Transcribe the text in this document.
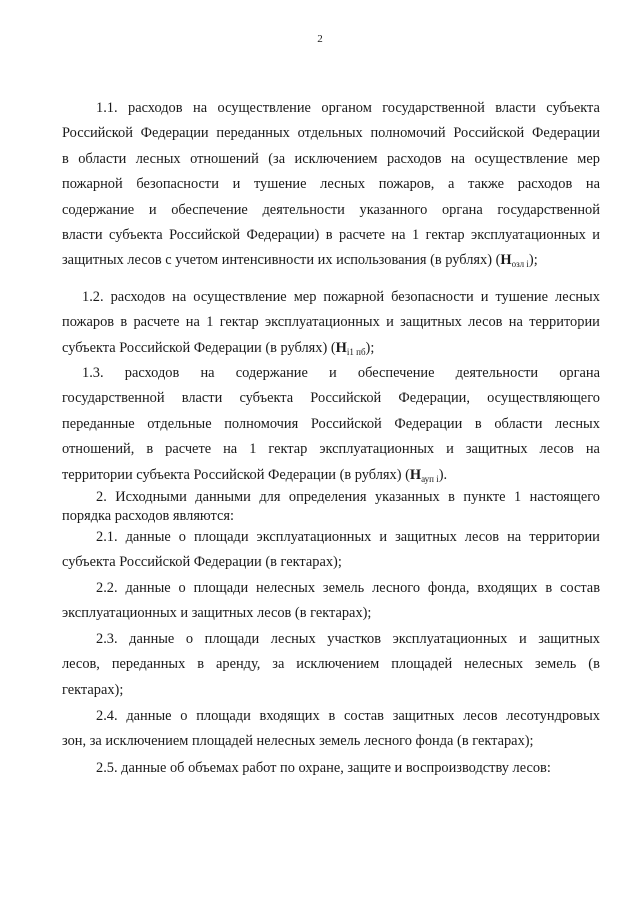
2
1.1. расходов на осуществление органом государственной власти субъекта
Российской Федерации переданных отдельных полномочий Российской Федерации
в области лесных отношений (за исключением расходов на осуществление мер
пожарной безопасности и тушение лесных пожаров, а также расходов на
содержание и обеспечение деятельности указанного органа государственной
власти субъекта Российской Федерации) в расчете на 1 гектар эксплуатационных и
защитных лесов с учетом интенсивности их использования (в рублях) ( $Н_{озл i}$ );
1.2. расходов на осуществление мер пожарной безопасности и тушение лесных
пожаров в расчете на 1 гектар эксплуатационных и защитных лесов на территории
субъекта Российской Федерации (в рублях) ( $Н_{i1 пб}$ );
1.3. расходов на содержание и обеспечение деятельности органа
государственной власти субъекта Российской Федерации, осуществляющего
переданные отдельные полномочия Российской Федерации в области лесных
отношений, в расчете на 1 гектар эксплуатационных и защитных лесов на
территории субъекта Российской Федерации (в рублях) ( $Н_{ауп i}$ ).
2. Исходными данными для определения указанных в пункте 1 настоящего
порядка расходов являются:
2.1. данные о площади эксплуатационных и защитных лесов на территории
субъекта Российской Федерации (в гектарах);
2.2. данные о площади нелесных земель лесного фонда, входящих в состав
эксплуатационных и защитных лесов (в гектарах);
2.3. данные о площади лесных участков эксплуатационных и защитных
лесов, переданных в аренду, за исключением площадей нелесных земель (в
гектарах);
2.4. данные о площади входящих в состав защитных лесов лесотундровых
зон, за исключением площадей нелесных земель лесного фонда (в гектарах);
2.5. данные об объемах работ по охране, защите и воспроизводству лесов:
